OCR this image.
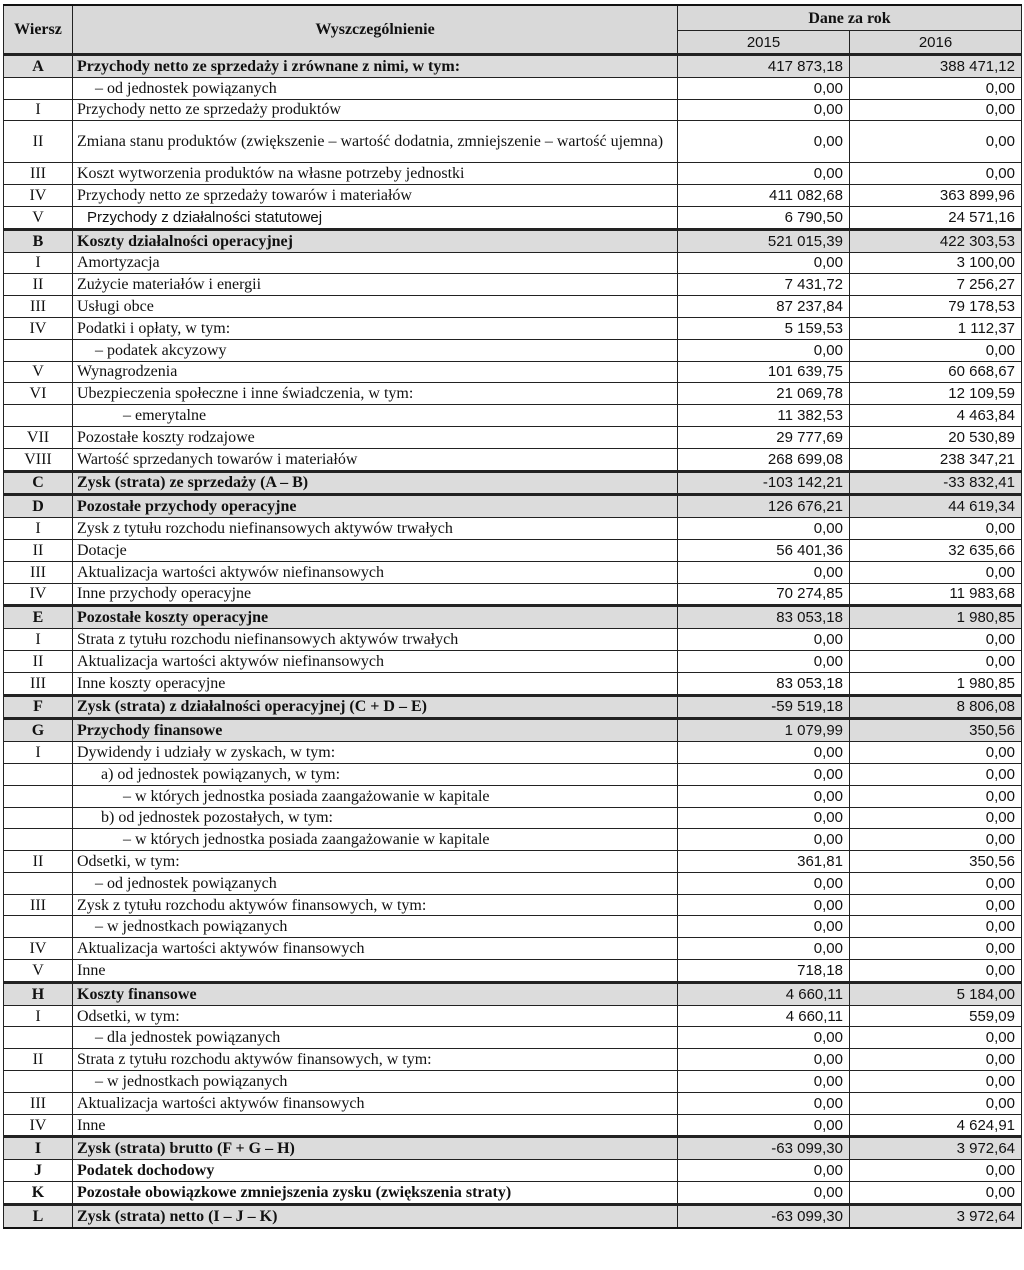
Wiersz	Wyszczególnienie	Dane za rok	
		2015	2016
A	Przychody netto ze sprzedaży i zrównane z nimi, w tym:	417 873,18	388 471,12
	– od jednostek powiązanych	0,00	0,00
I	Przychody netto ze sprzedaży produktów	0,00	0,00
II	Zmiana stanu produktów (zwiększenie – wartość dodatnia, zmniejszenie – wartość ujemna)	0,00	0,00
III	Koszt wytworzenia produktów na własne potrzeby jednostki	0,00	0,00
IV	Przychody netto ze sprzedaży towarów i materiałów	411 082,68	363 899,96
V	Przychody z działalności statutowej	6 790,50	24 571,16
B	Koszty działalności operacyjnej	521 015,39	422 303,53
I	Amortyzacja	0,00	3 100,00
II	Zużycie materiałów i energii	7 431,72	7 256,27
III	Usługi obce	87 237,84	79 178,53
IV	Podatki i opłaty, w tym:	5 159,53	1 112,37
	– podatek akcyzowy	0,00	0,00
V	Wynagrodzenia	101 639,75	60 668,67
VI	Ubezpieczenia społeczne i inne świadczenia, w tym:	21 069,78	12 109,59
	– emerytalne	11 382,53	4 463,84
VII	Pozostałe koszty rodzajowe	29 777,69	20 530,89
VIII	Wartość sprzedanych towarów i materiałów	268 699,08	238 347,21
C	Zysk (strata) ze sprzedaży (A – B)	-103 142,21	-33 832,41
D	Pozostałe przychody operacyjne	126 676,21	44 619,34
I	Zysk z tytułu rozchodu niefinansowych aktywów trwałych	0,00	0,00
II	Dotacje	56 401,36	32 635,66
III	Aktualizacja wartości aktywów niefinansowych	0,00	0,00
IV	Inne przychody operacyjne	70 274,85	11 983,68
E	Pozostałe koszty operacyjne	83 053,18	1 980,85
I	Strata z tytułu rozchodu niefinansowych aktywów trwałych	0,00	0,00
II	Aktualizacja wartości aktywów niefinansowych	0,00	0,00
III	Inne koszty operacyjne	83 053,18	1 980,85
F	Zysk (strata) z działalności operacyjnej (C + D – E)	-59 519,18	8 806,08
G	Przychody finansowe	1 079,99	350,56
I	Dywidendy i udziały w zyskach, w tym:	0,00	0,00
	a) od jednostek powiązanych, w tym:	0,00	0,00
	– w których jednostka posiada zaangażowanie w kapitale	0,00	0,00
	b) od jednostek pozostałych, w tym:	0,00	0,00
	– w których jednostka posiada zaangażowanie w kapitale	0,00	0,00
II	Odsetki, w tym:	361,81	350,56
	– od jednostek powiązanych	0,00	0,00
III	Zysk z tytułu rozchodu aktywów finansowych, w tym:	0,00	0,00
	– w jednostkach powiązanych	0,00	0,00
IV	Aktualizacja wartości aktywów finansowych	0,00	0,00
V	Inne	718,18	0,00
H	Koszty finansowe	4 660,11	5 184,00
I	Odsetki, w tym:	4 660,11	559,09
	– dla jednostek powiązanych	0,00	0,00
II	Strata z tytułu rozchodu aktywów finansowych, w tym:	0,00	0,00
	– w jednostkach powiązanych	0,00	0,00
III	Aktualizacja wartości aktywów finansowych	0,00	0,00
IV	Inne	0,00	4 624,91
I	Zysk (strata) brutto (F + G – H)	-63 099,30	3 972,64
J	Podatek dochodowy	0,00	0,00
K	Pozostałe obowiązkowe zmniejszenia zysku (zwiększenia straty)	0,00	0,00
L	Zysk (strata) netto (I – J – K)	-63 099,30	3 972,64
